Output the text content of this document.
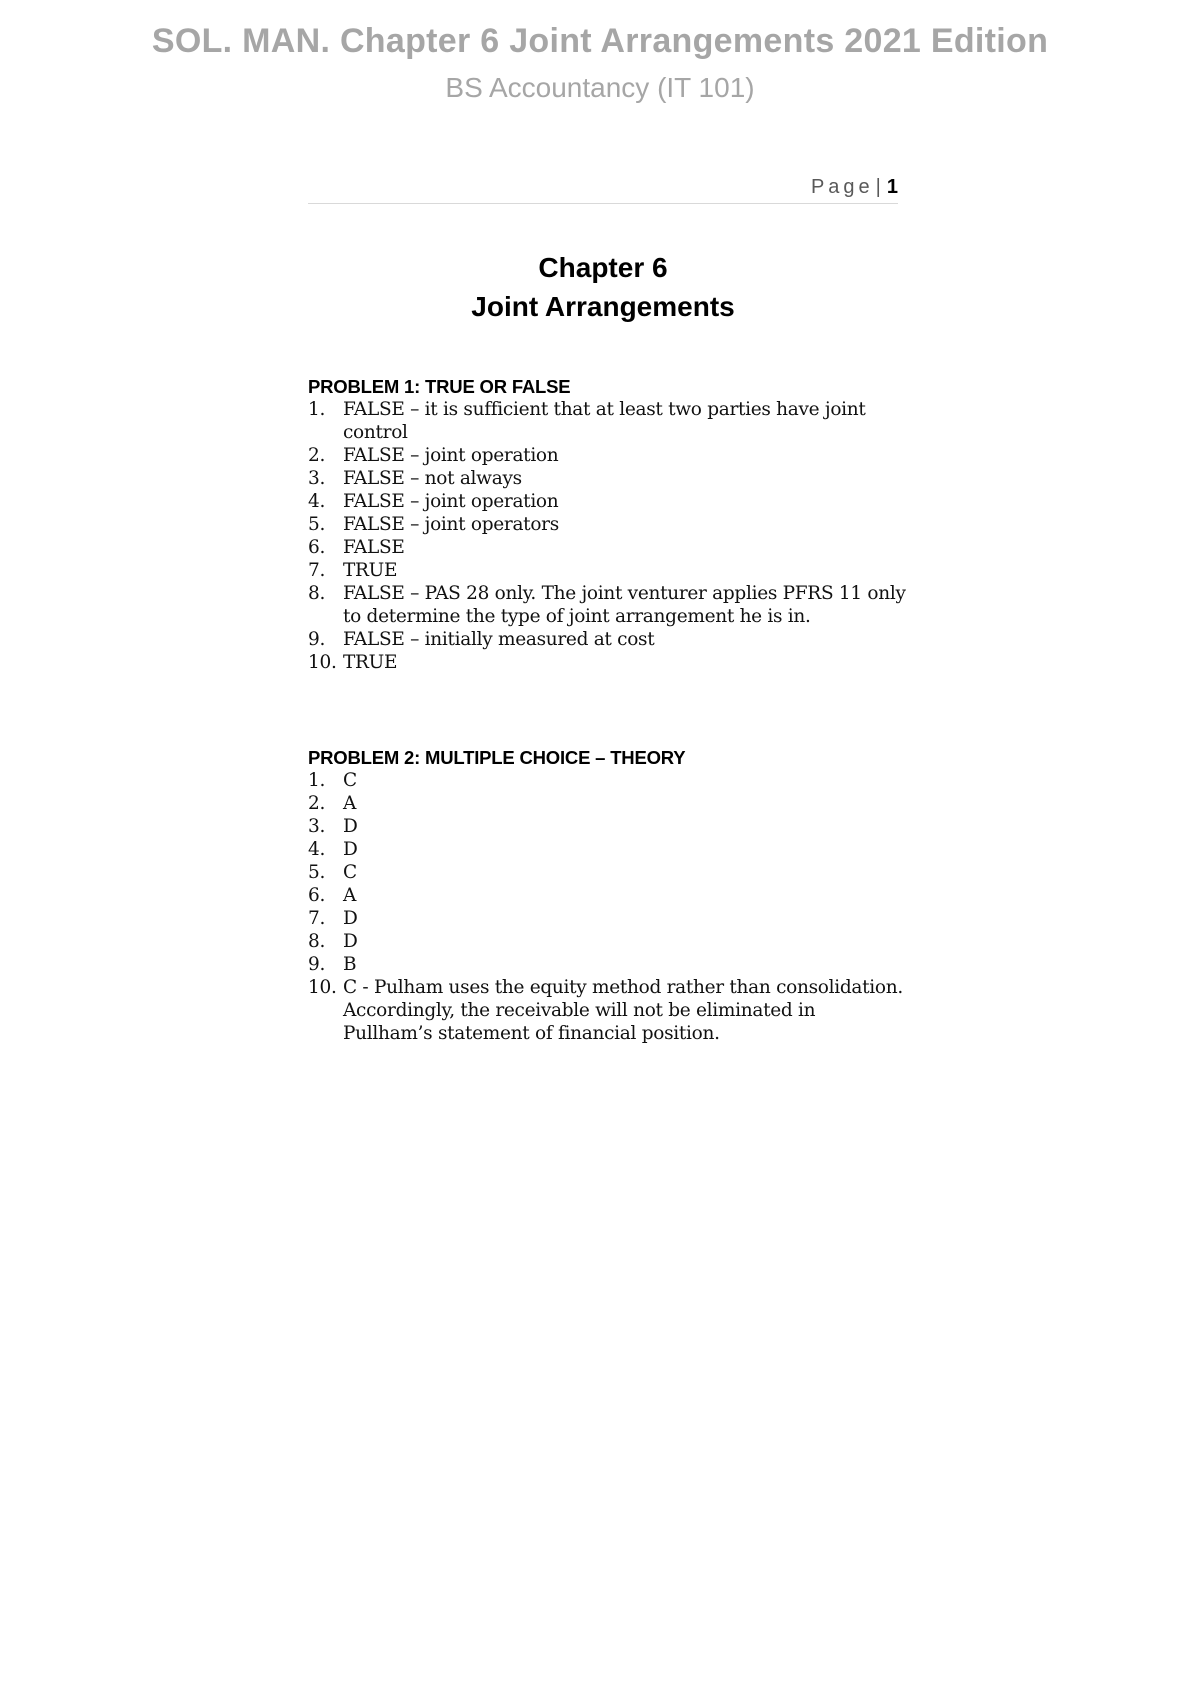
SOL. MAN. Chapter 6 Joint Arrangements 2021 Edition

BS Accountancy (IT 101)

Page | 1
Chapter 6
Joint Arrangements
PROBLEM 1: TRUE OR FALSE
1. FALSE – it is sufficient that at least two parties have joint control
2. FALSE – joint operation
3. FALSE – not always
4. FALSE – joint operation
5. FALSE – joint operators
6. FALSE
7. TRUE
8. FALSE – PAS 28 only. The joint venturer applies PFRS 11 only to determine the type of joint arrangement he is in.
9. FALSE – initially measured at cost
10. TRUE
PROBLEM 2: MULTIPLE CHOICE – THEORY
1. C
2. A
3. D
4. D
5. C
6. A
7. D
8. D
9. B
10. C - Pulham uses the equity method rather than consolidation. Accordingly, the receivable will not be eliminated in Pullham’s statement of financial position.
